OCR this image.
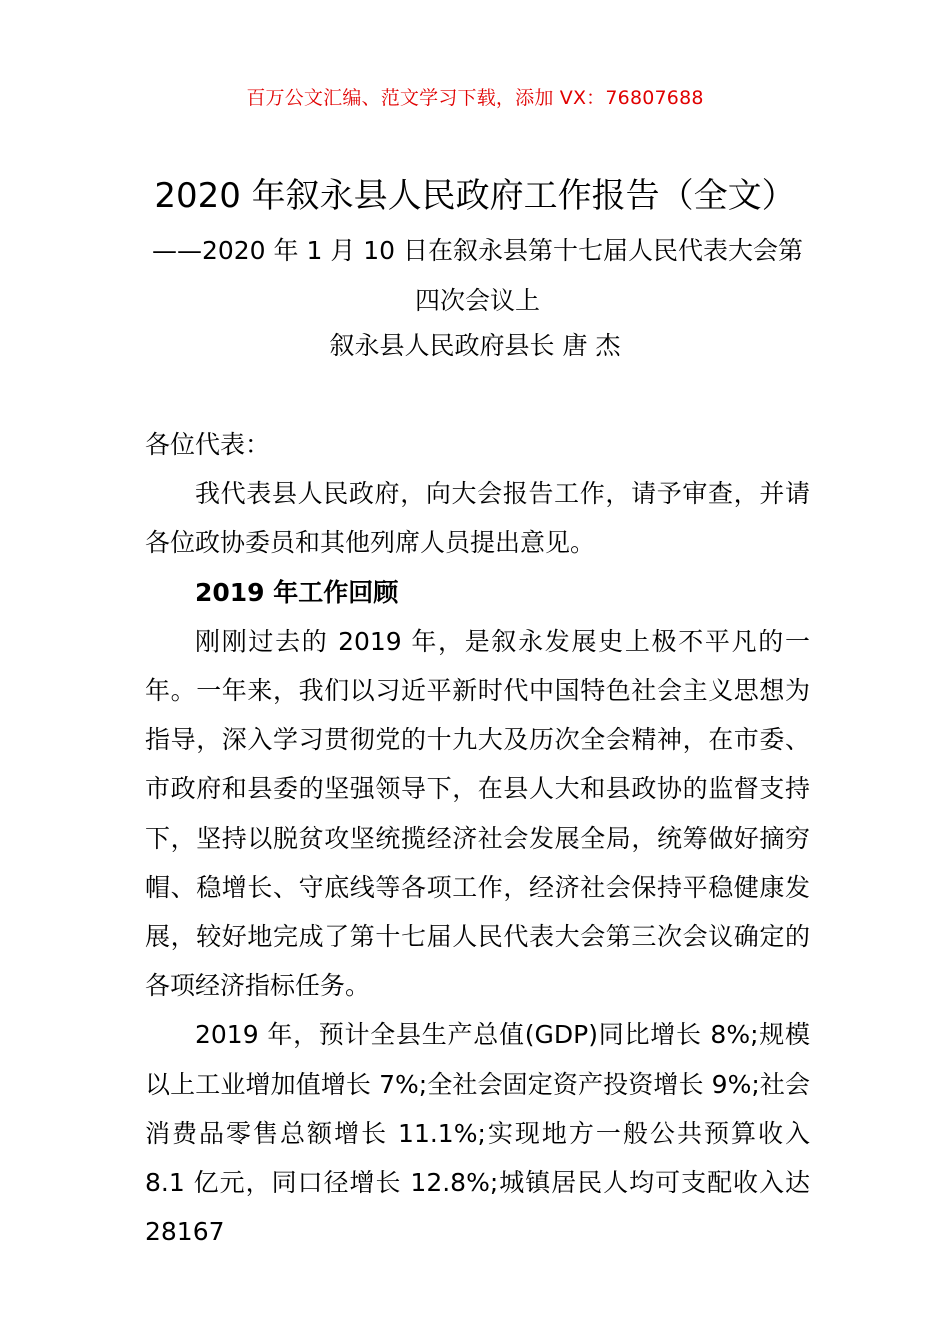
百万公文汇编、范文学习下载，添加 VX：76807688
2020 年叙永县人民政府工作报告（全文）
——2020 年 1 月 10 日在叙永县第十七届人民代表大会第四次会议上
叙永县人民政府县长 唐 杰

各位代表：

我代表县人民政府，向大会报告工作，请予审查，并请各位政协委员和其他列席人员提出意见。

2019 年工作回顾

刚刚过去的 2019 年，是叙永发展史上极不平凡的一年。一年来，我们以习近平新时代中国特色社会主义思想为指导，深入学习贯彻党的十九大及历次全会精神，在市委、市政府和县委的坚强领导下，在县人大和县政协的监督支持下，坚持以脱贫攻坚统揽经济社会发展全局，统筹做好摘穷帽、稳增长、守底线等各项工作，经济社会保持平稳健康发展，较好地完成了第十七届人民代表大会第三次会议确定的各项经济指标任务。

2019 年，预计全县生产总值(GDP)同比增长 8%;规模以上工业增加值增长 7%;全社会固定资产投资增长 9%;社会消费品零售总额增长 11.1%;实现地方一般公共预算收入 8.1 亿元，同口径增长 12.8%;城镇居民人均可支配收入达 28167
